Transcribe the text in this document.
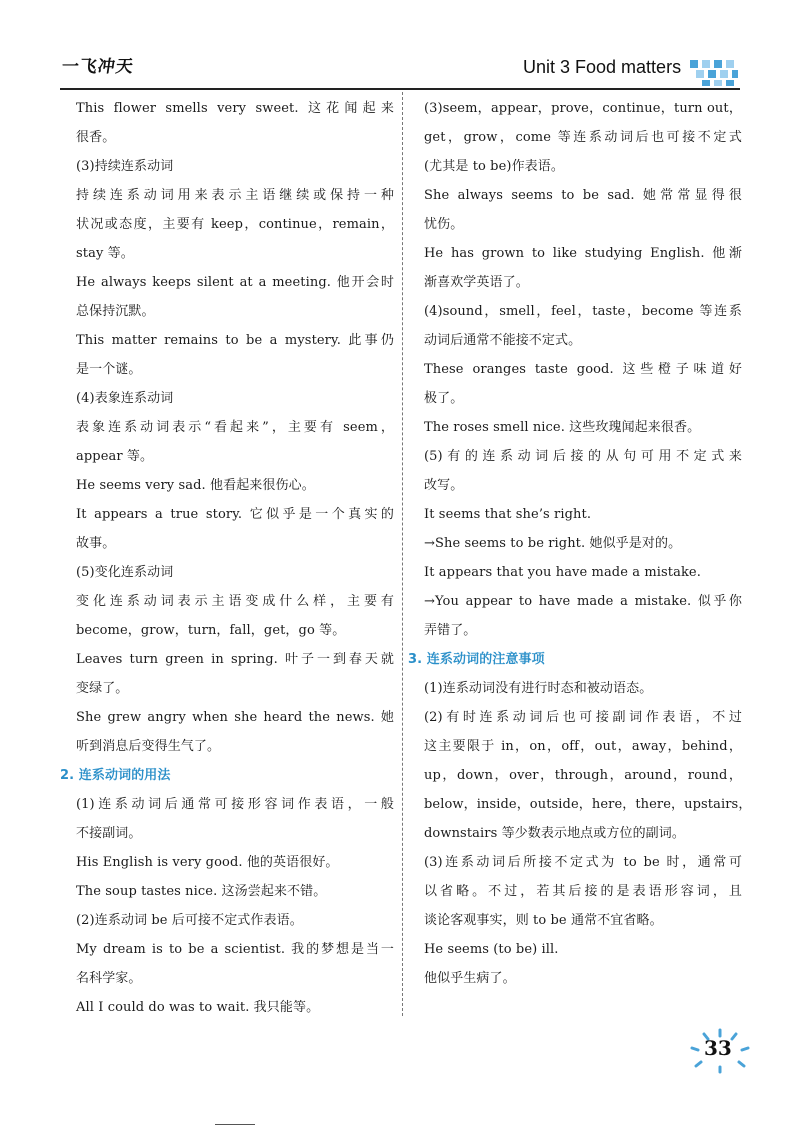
一飞冲天	Unit 3 Food matters
This flower smells very sweet. 这花闻起来
很香。
(3)持续连系动词
持续连系动词用来表示主语继续或保持一种
状况或态度，主要有 keep，continue，remain，
stay 等。
He always keeps silent at a meeting. 他开会时
总保持沉默。
This matter remains to be a mystery. 此事仍
是一个谜。
(4)表象连系动词
表象连系动词表示“看起来”，主要有 seem，
appear 等。
He seems very sad. 他看起来很伤心。
It appears a true story. 它似乎是一个真实的
故事。
(5)变化连系动词
变化连系动词表示主语变成什么样，主要有
become，grow，turn，fall，get，go 等。
Leaves turn green in spring. 叶子一到春天就
变绿了。
She grew angry when she heard the news. 她
听到消息后变得生气了。
2. 连系动词的用法
(1)连系动词后通常可接形容词作表语，一般
不接副词。
His English is very good. 他的英语很好。
The soup tastes nice. 这汤尝起来不错。
(2)连系动词 be 后可接不定式作表语。
My dream is to be a scientist. 我的梦想是当一
名科学家。
All I could do was to wait. 我只能等。
(3)seem，appear，prove，continue，turn out，
get，grow，come 等连系动词后也可接不定式
(尤其是 to be)作表语。
She always seems to be sad. 她常常显得很
忧伤。
He has grown to like studying English. 他渐
渐喜欢学英语了。
(4)sound，smell，feel，taste，become 等连系
动词后通常不能接不定式。
These oranges taste good. 这些橙子味道好
极了。
The roses smell nice. 这些玫瑰闻起来很香。
(5)有的连系动词后接的从句可用不定式来
改写。
It seems that she’s right.
→She seems to be right. 她似乎是对的。
It appears that you have made a mistake.
→You appear to have made a mistake. 似乎你
弄错了。
3. 连系动词的注意事项
(1)连系动词没有进行时态和被动语态。
(2)有时连系动词后也可接副词作表语，不过
这主要限于 in，on，off，out，away，behind，
up，down，over，through，around，round，
below，inside，outside，here，there，upstairs，
downstairs 等少数表示地点或方位的副词。
(3)连系动词后所接不定式为 to be 时，通常可
以省略。不过，若其后接的是表语形容词，且
谈论客观事实，则 to be 通常不宜省略。
He seems (to be) ill.
他似乎生病了。
33
